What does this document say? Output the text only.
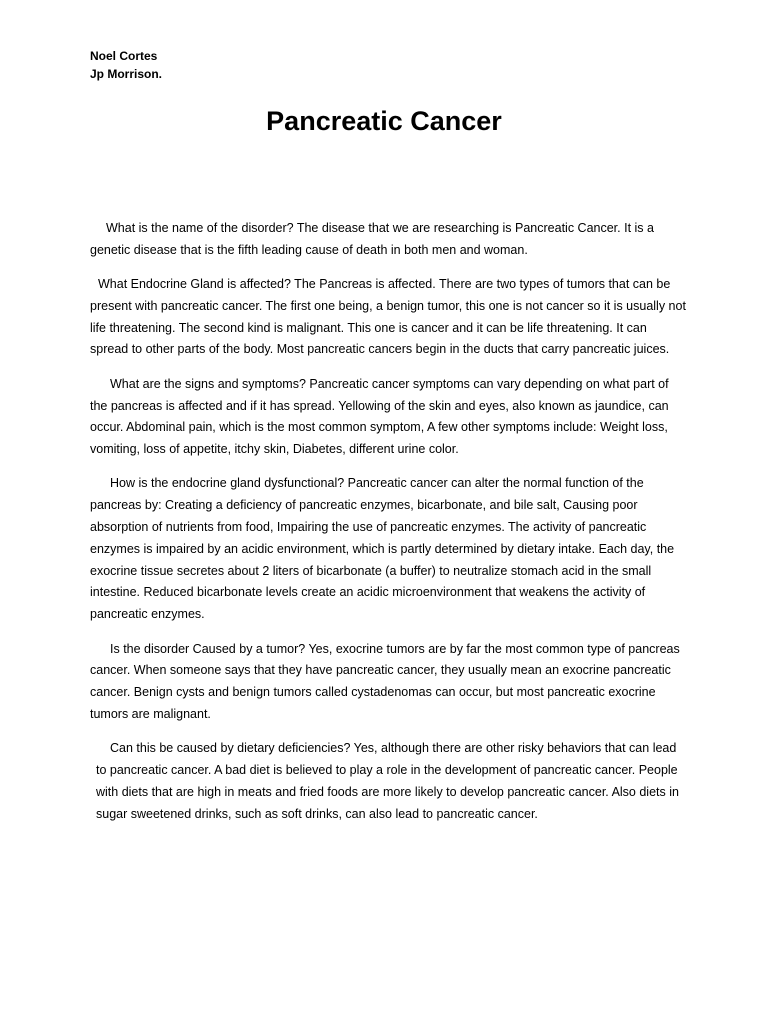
Noel Cortes
Jp Morrison.
Pancreatic Cancer

What is the name of the disorder? The disease that we are researching is Pancreatic Cancer. It is a genetic disease that is the fifth leading cause of death in both men and woman.

What Endocrine Gland is affected? The Pancreas is affected. There are two types of tumors that can be present with pancreatic cancer. The first one being, a benign tumor, this one is not cancer so it is usually not life threatening. The second kind is malignant. This one is cancer and it can be life threatening. It can spread to other parts of the body. Most pancreatic cancers begin in the ducts that carry pancreatic juices.

What are the signs and symptoms? Pancreatic cancer symptoms can vary depending on what part of the pancreas is affected and if it has spread. Yellowing of the skin and eyes, also known as jaundice, can occur. Abdominal pain, which is the most common symptom, A few other symptoms include: Weight loss, vomiting, loss of appetite, itchy skin, Diabetes, different urine color.

How is the endocrine gland dysfunctional? Pancreatic cancer can alter the normal function of the pancreas by: Creating a deficiency of pancreatic enzymes, bicarbonate, and bile salt, Causing poor absorption of nutrients from food, Impairing the use of pancreatic enzymes. The activity of pancreatic enzymes is impaired by an acidic environment, which is partly determined by dietary intake. Each day, the exocrine tissue secretes about 2 liters of bicarbonate (a buffer) to neutralize stomach acid in the small intestine. Reduced bicarbonate levels create an acidic microenvironment that weakens the activity of pancreatic enzymes.

Is the disorder Caused by a tumor? Yes, exocrine tumors are by far the most common type of pancreas cancer. When someone says that they have pancreatic cancer, they usually mean an exocrine pancreatic cancer. Benign cysts and benign tumors called cystadenomas can occur, but most pancreatic exocrine tumors are malignant.

Can this be caused by dietary deficiencies? Yes, although there are other risky behaviors that can lead to pancreatic cancer. A bad diet is believed to play a role in the development of pancreatic cancer. People with diets that are high in meats and fried foods are more likely to develop pancreatic cancer. Also diets in sugar sweetened drinks, such as soft drinks, can also lead to pancreatic cancer.
